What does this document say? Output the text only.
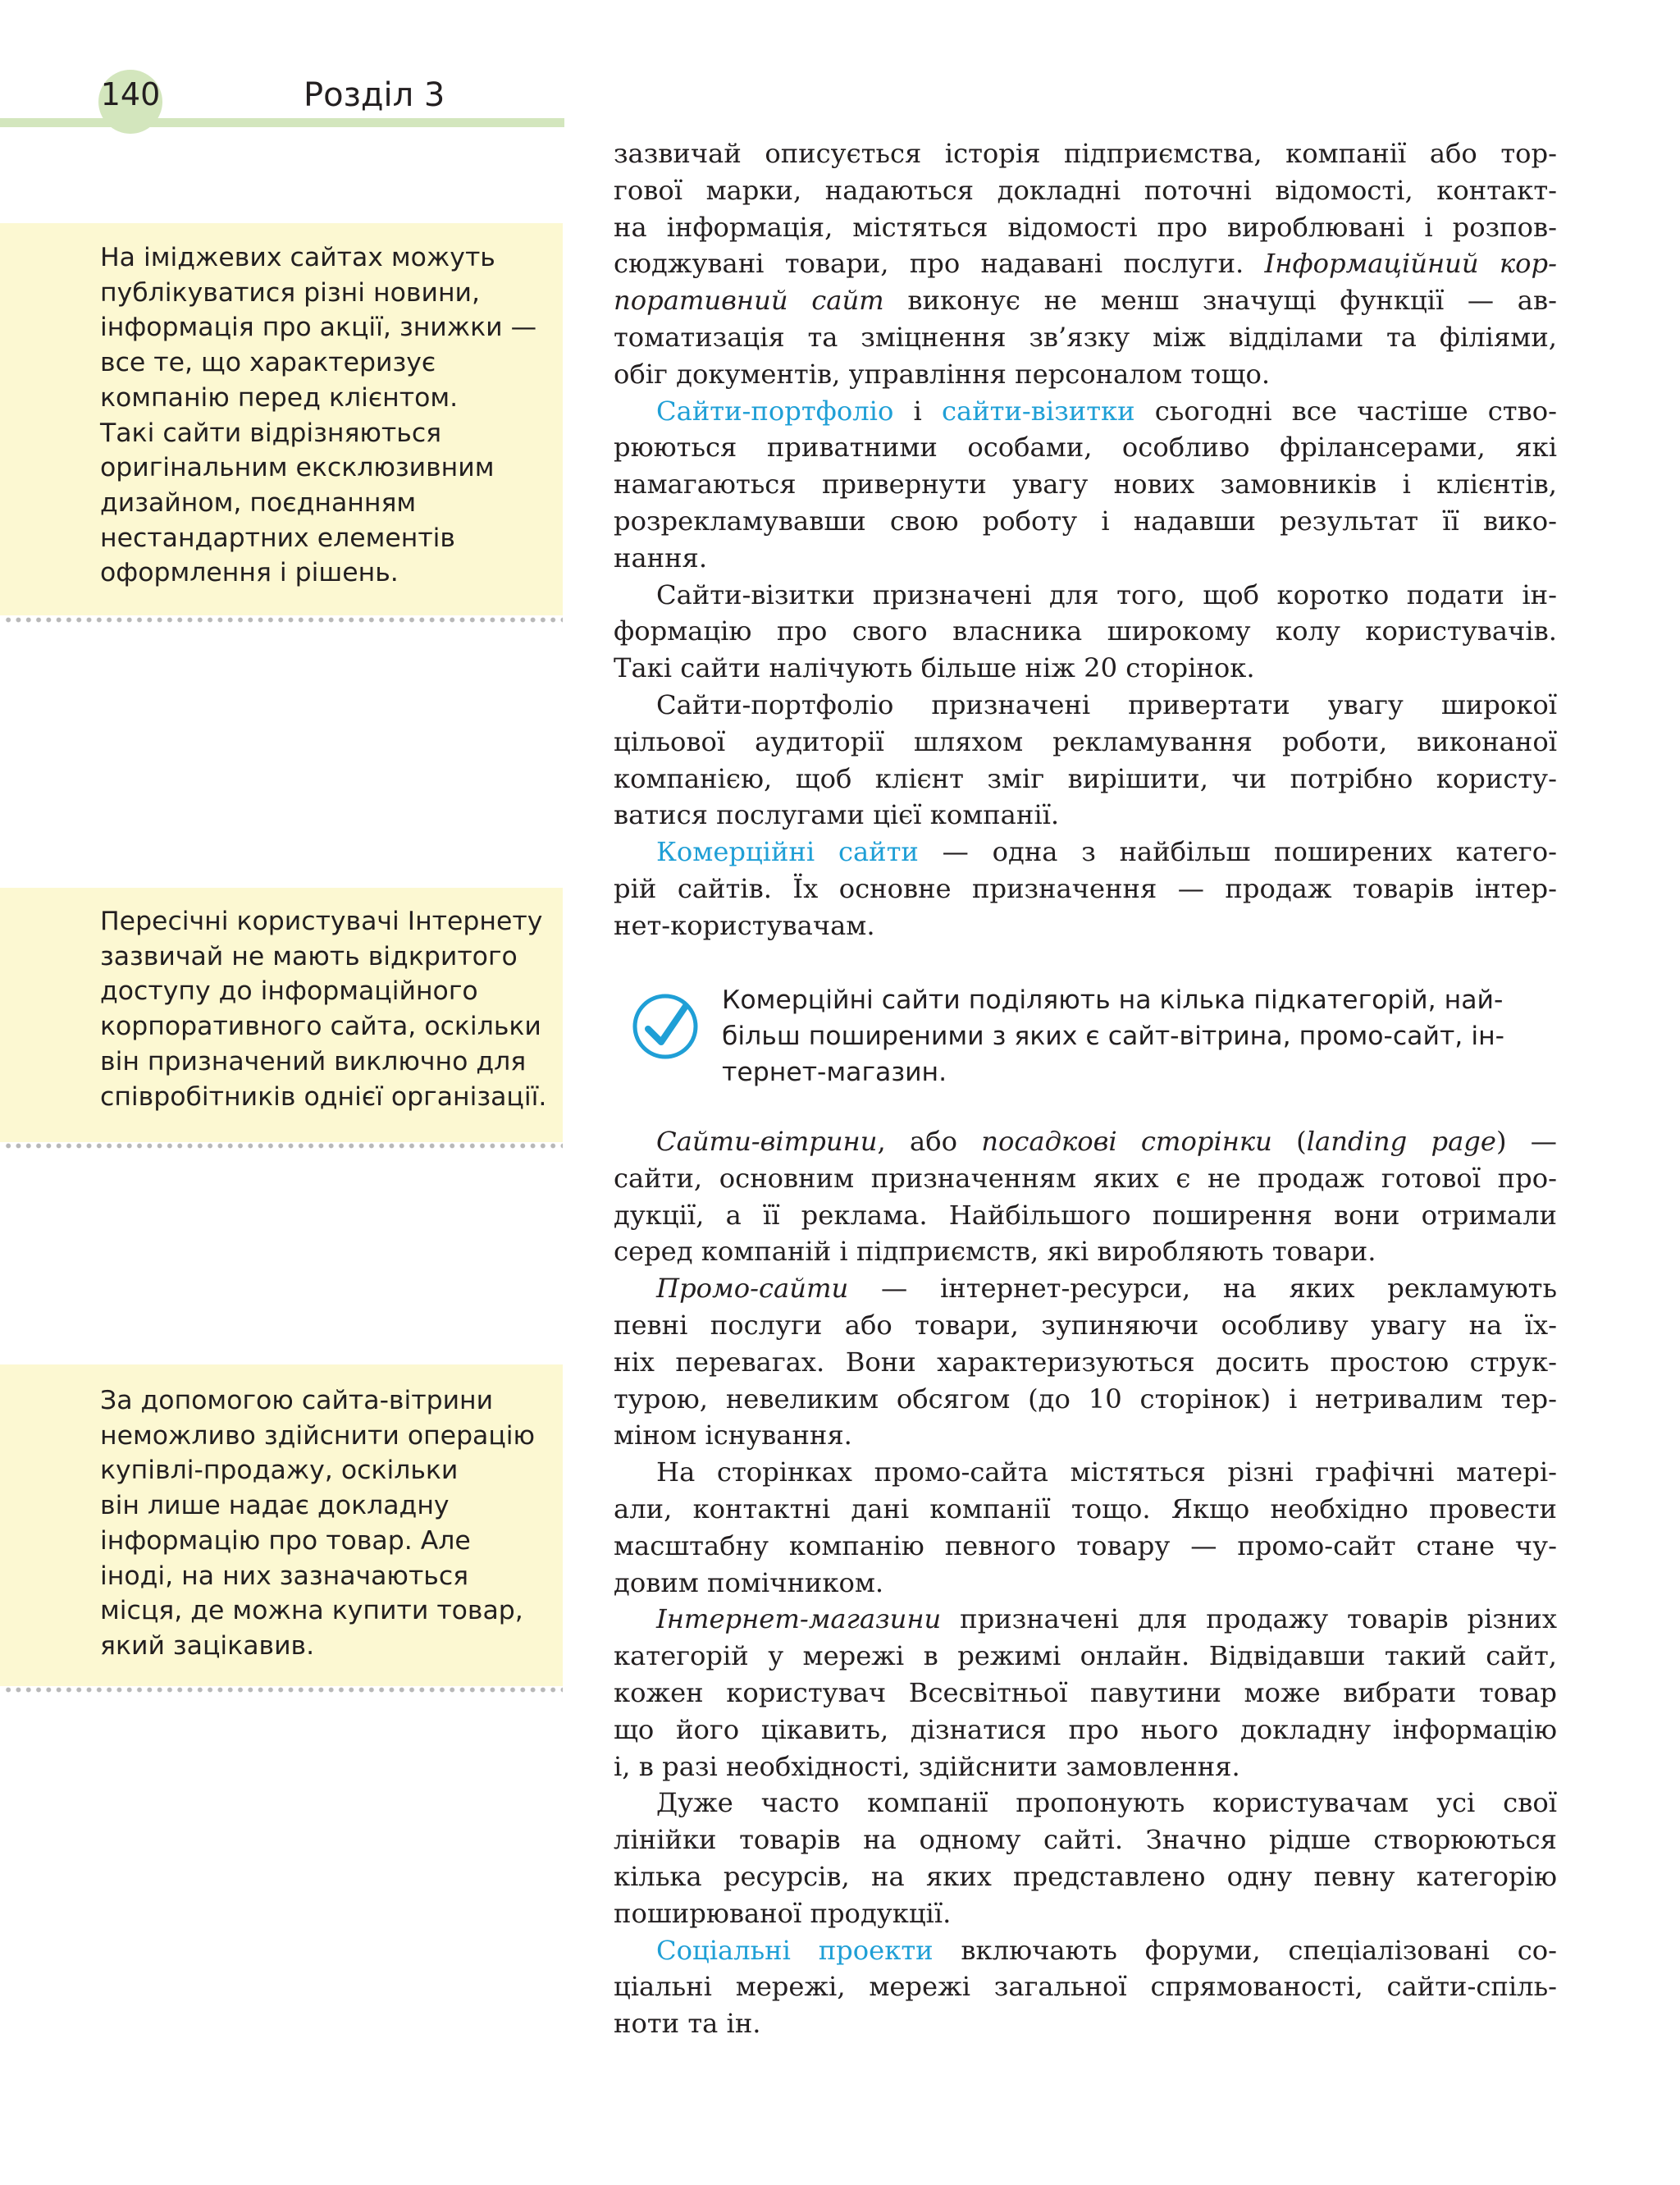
140	Розділ 3
На іміджевих сайтах можуть
публікуватися різні новини,
інформація про акції, знижки —
все те, що характеризує
компанію перед клієнтом.
Такі сайти відрізняються
оригінальним ексклюзивним
дизайном, поєднанням
нестандартних елементів
оформлення і рішень.
Пересічні користувачі Інтернету
зазвичай не мають відкритого
доступу до інформаційного
корпоративного сайта, оскільки
він призначений виключно для
співробітників однієї організації.
За допомогою сайта-вітрини
неможливо здійснити операцію
купівлі-продажу, оскільки
він лише надає докладну
інформацію про товар. Але
іноді, на них зазначаються
місця, де можна купити товар,
який зацікавив.
зазвичай описується історія підприємства, компанії або тор-
гової марки, надаються докладні поточні відомості, контакт-
на інформація, містяться відомості про вироблювані і розпов-
сюджувані товари, про надавані послуги. Інформаційний кор-
поративний сайт виконує не менш значущі функції — ав-
томатизація та зміцнення зв’язку між відділами та філіями,
обіг документів, управління персоналом тощо.
Сайти-портфоліо і сайти-візитки сьогодні все частіше ство-
рюються приватними особами, особливо фрілансерами, які
намагаються привернути увагу нових замовників і клієнтів,
розрекламувавши свою роботу і надавши результат її вико-
нання.
Сайти-візитки призначені для того, щоб коротко подати ін-
формацію про свого власника широкому колу користувачів.
Такі сайти налічують більше ніж 20 сторінок.
Сайти-портфоліо призначені привертати увагу широкої
цільової аудиторії шляхом рекламування роботи, виконаної
компанією, щоб клієнт зміг вирішити, чи потрібно користу-
ватися послугами цієї компанії.
Комерційні сайти — одна з найбільш поширених катего-
рій сайтів. Їх основне призначення — продаж товарів інтер-
нет-користувачам.
Комерційні сайти поділяють на кілька підкатегорій, най-
більш поширеними з яких є сайт-вітрина, промо-сайт, ін-
тернет-магазин.
Сайти-вітрини, або посадкові сторінки (landing page) —
сайти, основним призначенням яких є не продаж готової про-
дукції, а її реклама. Найбільшого поширення вони отримали
серед компаній і підприємств, які виробляють товари.
Промо-сайти — інтернет-ресурси, на яких рекламують
певні послуги або товари, зупиняючи особливу увагу на їх-
ніх перевагах. Вони характеризуються досить простою струк-
турою, невеликим обсягом (до 10 сторінок) і нетривалим тер-
міном існування.
На сторінках промо-сайта містяться різні графічні матері-
али, контактні дані компанії тощо. Якщо необхідно провести
масштабну компанію певного товару — промо-сайт стане чу-
довим помічником.
Інтернет-магазини призначені для продажу товарів різних
категорій у мережі в режимі онлайн. Відвідавши такий сайт,
кожен користувач Всесвітньої павутини може вибрати товар
що його цікавить, дізнатися про нього докладну інформацію
і, в разі необхідності, здійснити замовлення.
Дуже часто компанії пропонують користувачам усі свої
лінійки товарів на одному сайті. Значно рідше створюються
кілька ресурсів, на яких представлено одну певну категорію
поширюваної продукції.
Соціальні проекти включають форуми, спеціалізовані со-
ціальні мережі, мережі загальної спрямованості, сайти-спіль-
ноти та ін.
